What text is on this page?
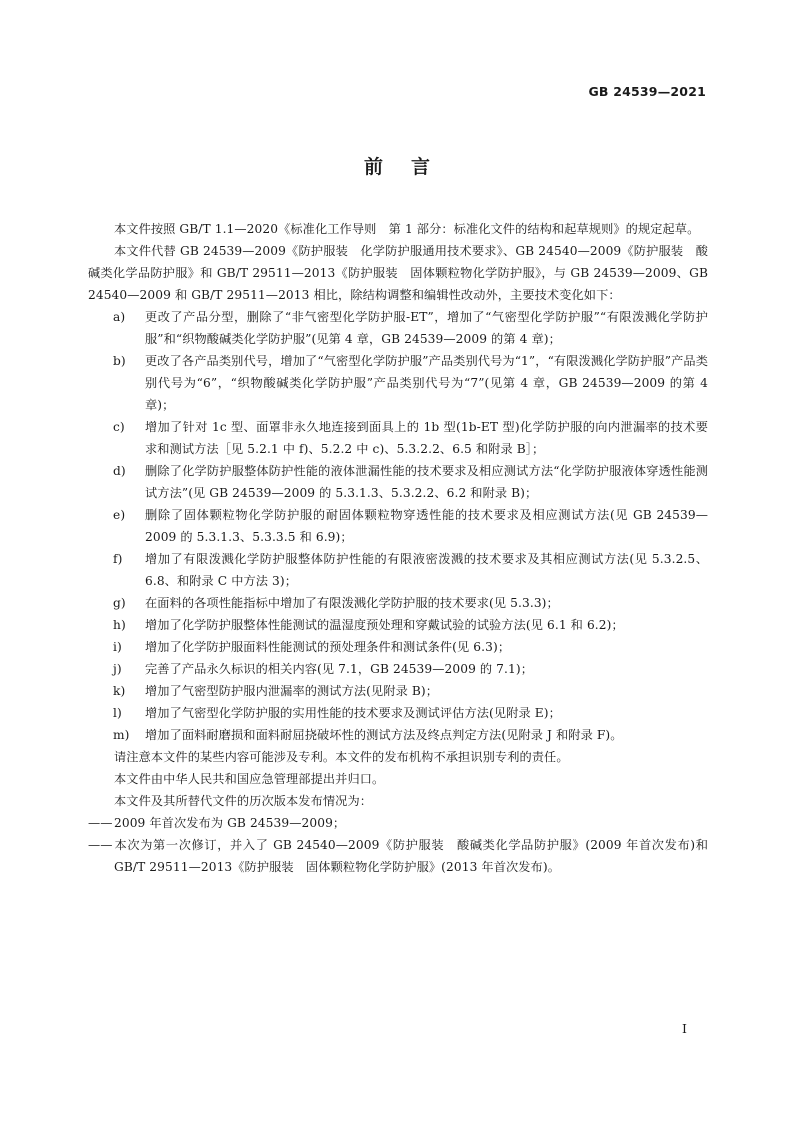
GB 24539—2021
前言

本文件按照 GB/T 1.1—2020《标准化工作导则　第 1 部分：标准化文件的结构和起草规则》的规定起草。

本文件代替 GB 24539—2009《防护服装　化学防护服通用技术要求》、GB 24540—2009《防护服装　酸碱类化学品防护服》和 GB/T 29511—2013《防护服装　固体颗粒物化学防护服》，与 GB 24539—2009、GB 24540—2009 和 GB/T 29511—2013 相比，除结构调整和编辑性改动外，主要技术变化如下：

a) 更改了产品分型，删除了“非气密型化学防护服-ET”，增加了“气密型化学防护服”“有限泼溅化学防护服”和“织物酸碱类化学防护服”(见第 4 章，GB 24539—2009 的第 4 章)；

b) 更改了各产品类别代号，增加了“气密型化学防护服”产品类别代号为“1”，“有限泼溅化学防护服”产品类别代号为“6”，“织物酸碱类化学防护服”产品类别代号为“7”(见第 4 章，GB 24539—2009 的第 4 章)；

c) 增加了针对 1c 型、面罩非永久地连接到面具上的 1b 型(1b-ET 型)化学防护服的向内泄漏率的技术要求和测试方法［见 5.2.1 中 f)、5.2.2 中 c)、5.3.2.2、6.5 和附录 B］；

d) 删除了化学防护服整体防护性能的液体泄漏性能的技术要求及相应测试方法“化学防护服液体穿透性能测试方法”(见 GB 24539—2009 的 5.3.1.3、5.3.2.2、6.2 和附录 B)；

e) 删除了固体颗粒物化学防护服的耐固体颗粒物穿透性能的技术要求及相应测试方法(见 GB 24539—2009 的 5.3.1.3、5.3.3.5 和 6.9)；

f) 增加了有限泼溅化学防护服整体防护性能的有限液密泼溅的技术要求及其相应测试方法(见 5.3.2.5、6.8、和附录 C 中方法 3)；

g) 在面料的各项性能指标中增加了有限泼溅化学防护服的技术要求(见 5.3.3)；

h) 增加了化学防护服整体性能测试的温湿度预处理和穿戴试验的试验方法(见 6.1 和 6.2)；

i) 增加了化学防护服面料性能测试的预处理条件和测试条件(见 6.3)；

j) 完善了产品永久标识的相关内容(见 7.1，GB 24539—2009 的 7.1)；

k) 增加了气密型防护服内泄漏率的测试方法(见附录 B)；

l) 增加了气密型化学防护服的实用性能的技术要求及测试评估方法(见附录 E)；

m) 增加了面料耐磨损和面料耐屈挠破坏性的测试方法及终点判定方法(见附录 J 和附录 F)。

请注意本文件的某些内容可能涉及专利。本文件的发布机构不承担识别专利的责任。

本文件由中华人民共和国应急管理部提出并归口。

本文件及其所替代文件的历次版本发布情况为：

——2009 年首次发布为 GB 24539—2009；

——本次为第一次修订，并入了 GB 24540—2009《防护服装　酸碱类化学品防护服》(2009 年首次发布)和 GB/T 29511—2013《防护服装　固体颗粒物化学防护服》(2013 年首次发布)。

I
